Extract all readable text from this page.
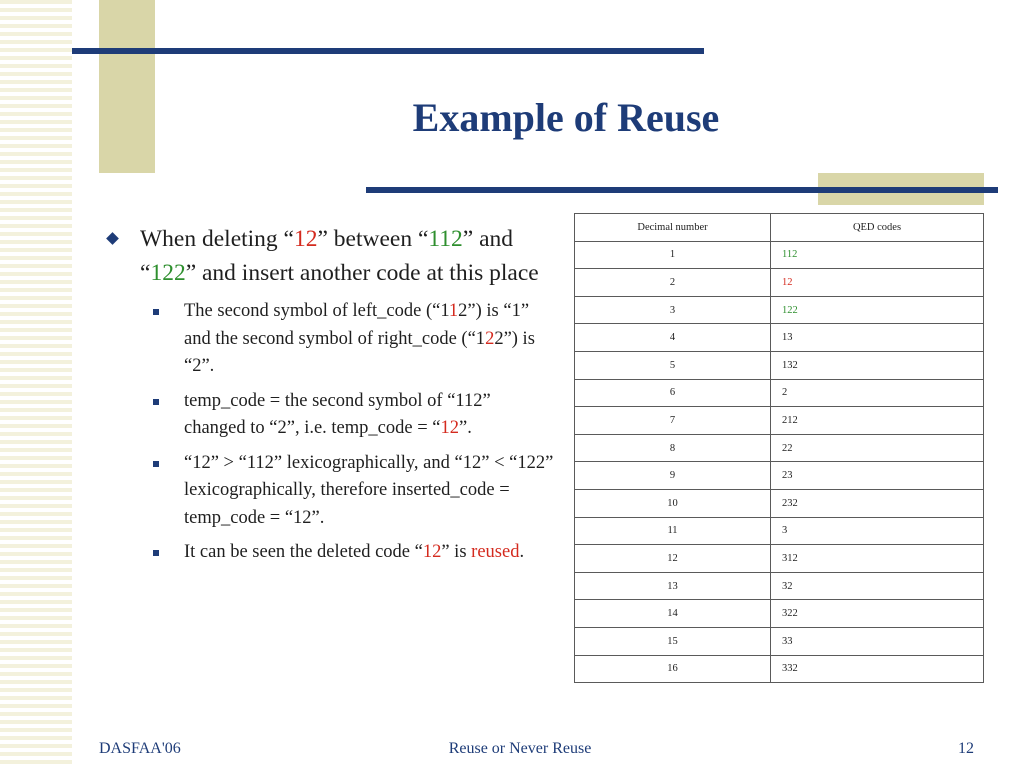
Example of Reuse
When deleting “12” between “112” and “122” and insert another code at this place
The second symbol of left_code (“112”) is “1” and the second symbol of right_code (“122”) is “2”.
temp_code = the second symbol of “112” changed to “2”, i.e. temp_code = “12”.
“12” > “112” lexicographically, and “12” < “122” lexicographically, therefore inserted_code = temp_code = “12”.
It can be seen the deleted code “12” is reused.
Decimal number	QED codes
1	112
2	12
3	122
4	13
5	132
6	2
7	212
8	22
9	23
10	232
11	3
12	312
13	32
14	322
15	33
16	332
DASFAA'06	Reuse or Never Reuse	12
